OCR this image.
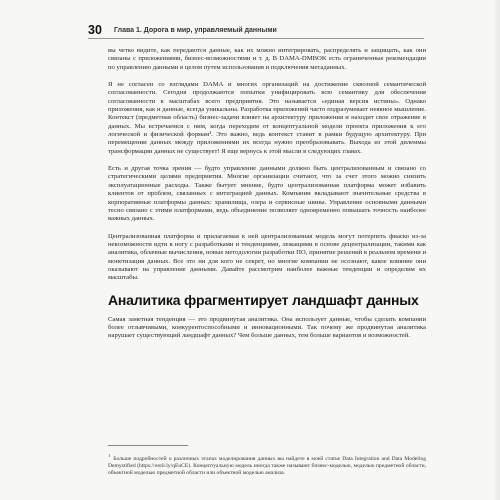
30	Глава 1. Дорога в мир, управляемый данными

вы четко видите, как передаются данные, как их можно интегрировать, распределять и защищать, как они связаны с приложениями, бизнес-возможностями и т. д. В DAMA-DMBOK есть ограниченные рекомендации по управлению данными в целом путем использования и подключения метаданных.

Я не согласен со взглядами DAMA и многих организаций на достижение сквозной семантической согласованности. Сегодня продолжаются попытки унифицировать всю семантику для обеспечения согласованности в масштабах всего предприятия. Это называется «единая версия истины». Однако приложения, как и данные, всегда уникальны. Разработка приложений часто подразумевает неявное мышление. Контекст (предметная область) бизнес-задачи влияет на архитектуру приложения и находит свое отражение в данных. Мы встречаемся с ним, когда переходим от концептуальной модели проекта приложения к его логической и физической формам¹. Это важно, ведь контекст ставит в рамки будущую архитектуру. При перемещении данных между приложениями их всегда нужно преобразовывать. Выхода из этой дилеммы трансформации данных не существует! Я еще вернусь к этой мысли в следующих главах.

Есть и другая точка зрения — будто управление данными должно быть централизованным и связано со стратегическими целями предприятия. Многие организации считают, что за счет этого можно снизить эксплуатационные расходы. Также бытует мнение, будто централизованная платформа может избавить клиентов от проблем, связанных с интеграцией данных. Компании вкладывают значительные средства в корпоративные платформы данных: хранилища, озера и сервисные шины. Управление основными данными тесно связано с этими платформами, ведь объединение позволяет одновременно повышать точность наиболее важных данных.

Централизованная платформа и прилагаемая к ней централизованная модель могут потерпеть фиаско из-за невозможности идти в ногу с разработками и тенденциями, лежащими в основе децентрализации, такими как аналитика, облачные вычисления, новые методологии разработки ПО, принятие решений в реальном времени и монетизация данных. Все это ни для кого не секрет, но многие компании не осознают, какое влияние они оказывают на управление данными. Давайте рассмотрим наиболее важные тенденции и определим их масштабы.

Аналитика фрагментирует ландшафт данных

Самая заметная тенденция — это продвинутая аналитика. Она использует данные, чтобы сделать компании более отзывчивыми, конкурентоспособными и инновационными. Так почему же продвинутая аналитика нарушает существующий ландшафт данных? Чем больше данных, тем больше вариантов и возможностей.

$^1$Больше подробностей о различных этапах моделирования данных вы найдете в моей статье Data Integration and Data Modeling Demystified (https://oreil.ly/qEuCE). Концептуальную модель иногда также называют бизнес-моделью, моделью предметной области, объектной моделью предметной области или объектной моделью анализа.
